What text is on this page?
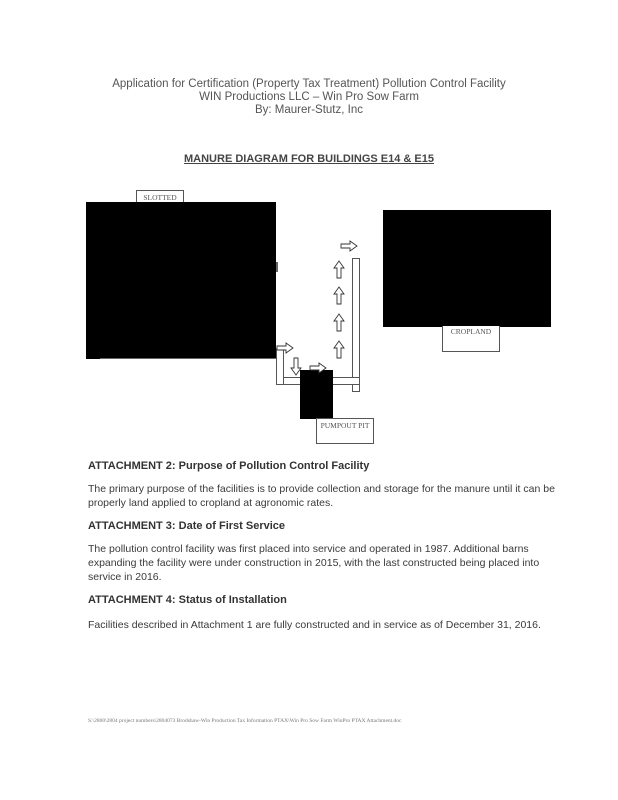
Application for Certification (Property Tax Treatment) Pollution Control Facility
WIN Productions LLC – Win Pro Sow Farm
By: Maurer-Stutz, Inc
MANURE DIAGRAM FOR BUILDINGS E14 & E15
SLOTTED
CROPLAND
PUMPOUT PIT
ATTACHMENT 2: Purpose of Pollution Control Facility
The primary purpose of the facilities is to provide collection and storage for the manure until it can be properly land applied to cropland at agronomic rates.
ATTACHMENT 3: Date of First Service
The pollution control facility was first placed into service and operated in 1987. Additional barns expanding the facility were under construction in 2015, with the last constructed being placed into service in 2016.
ATTACHMENT 4: Status of Installation
Facilities described in Attachment 1 are fully constructed and in service as of December 31, 2016.
S:\2800\2804 project numbers\2804073 Brodshaw-Win Production Tax Information PTAX\Win Pro Sow Farm WinPro PTAX Attachment.doc
